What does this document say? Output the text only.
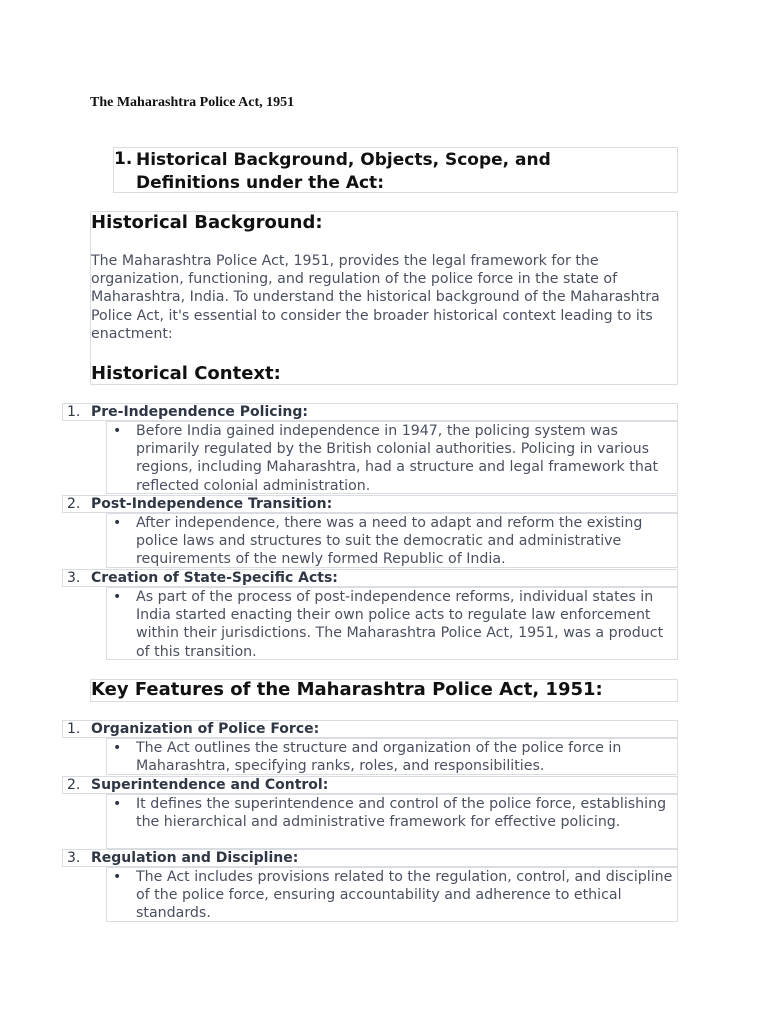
The Maharashtra Police Act, 1951
1. Historical Background, Objects, Scope, and Definitions under the Act:
Historical Background:
The Maharashtra Police Act, 1951, provides the legal framework for the organization, functioning, and regulation of the police force in the state of Maharashtra, India. To understand the historical background of the Maharashtra Police Act, it's essential to consider the broader historical context leading to its enactment:
Historical Context:
1. Pre-Independence Policing:
• Before India gained independence in 1947, the policing system was primarily regulated by the British colonial authorities. Policing in various regions, including Maharashtra, had a structure and legal framework that reflected colonial administration.
2. Post-Independence Transition:
• After independence, there was a need to adapt and reform the existing police laws and structures to suit the democratic and administrative requirements of the newly formed Republic of India.
3. Creation of State-Specific Acts:
• As part of the process of post-independence reforms, individual states in India started enacting their own police acts to regulate law enforcement within their jurisdictions. The Maharashtra Police Act, 1951, was a product of this transition.
Key Features of the Maharashtra Police Act, 1951:
1. Organization of Police Force:
• The Act outlines the structure and organization of the police force in Maharashtra, specifying ranks, roles, and responsibilities.
2. Superintendence and Control:
• It defines the superintendence and control of the police force, establishing the hierarchical and administrative framework for effective policing.
3. Regulation and Discipline:
• The Act includes provisions related to the regulation, control, and discipline of the police force, ensuring accountability and adherence to ethical standards.
